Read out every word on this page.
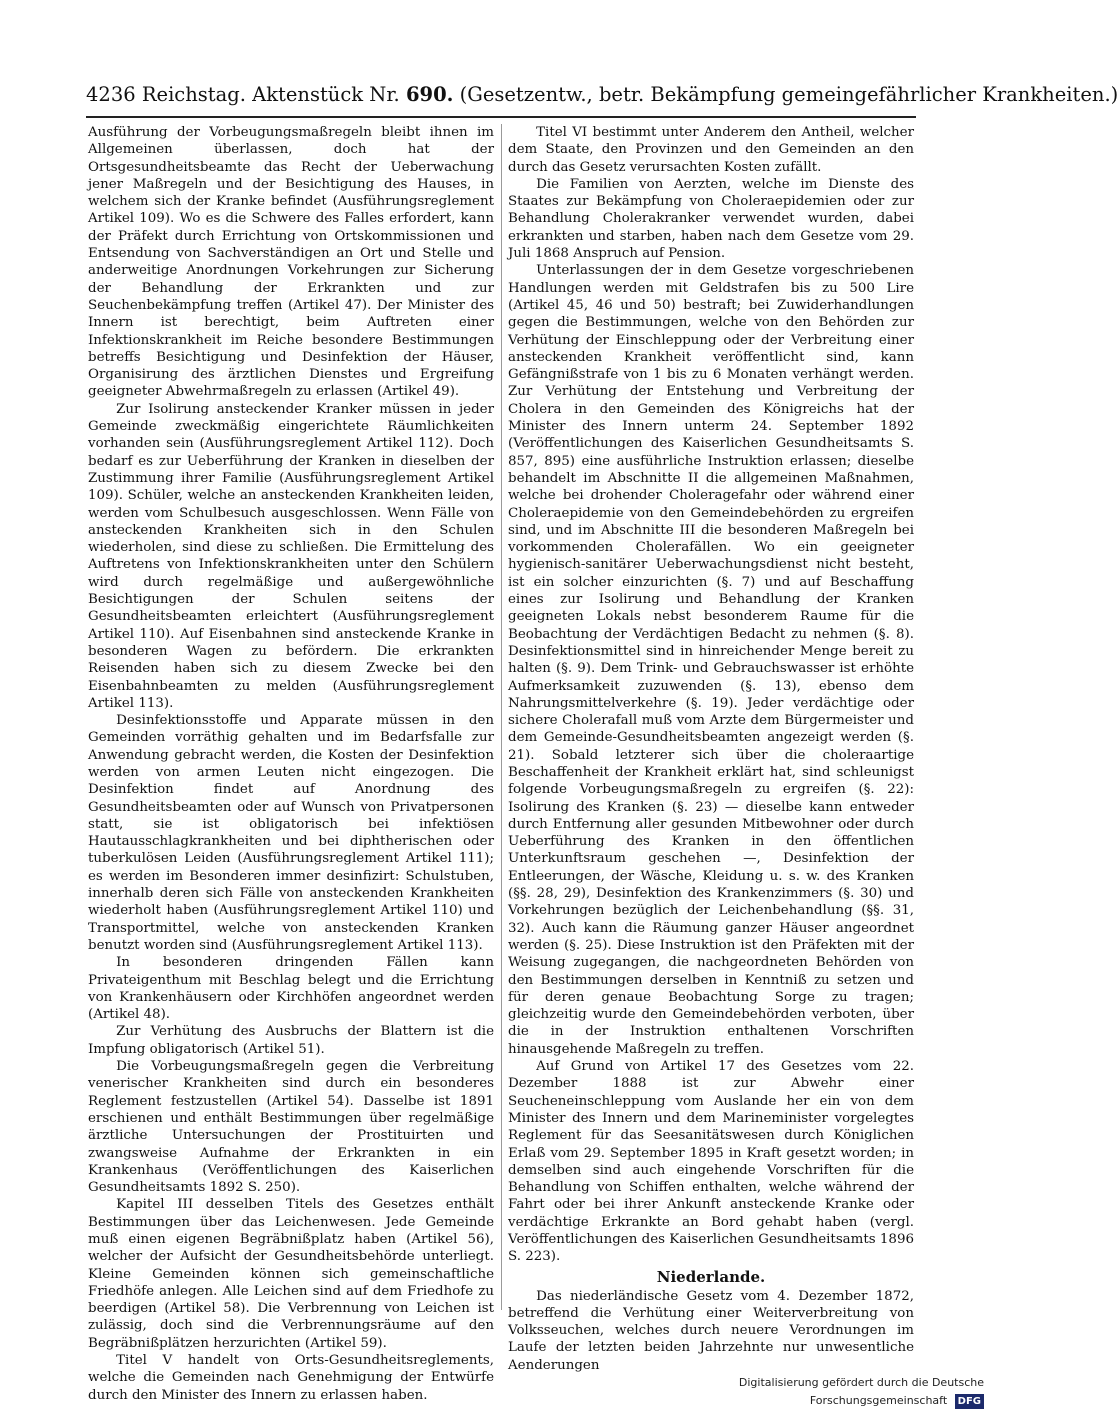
4236 Reichstag. Aktenstück Nr. 690. (Gesetzentw., betr. Bekämpfung gemeingefährlicher Krankheiten.)

Ausführung der Vorbeugungsmaßregeln bleibt ihnen im Allgemeinen überlassen, doch hat der Ortsgesundheitsbeamte das Recht der Ueberwachung jener Maßregeln und der Besichtigung des Hauses, in welchem sich der Kranke befindet (Ausführungsreglement Artikel 109). Wo es die Schwere des Falles erfordert, kann der Präfekt durch Errichtung von Ortskommissionen und Entsendung von Sachverständigen an Ort und Stelle und anderweitige Anordnungen Vorkehrungen zur Sicherung der Behandlung der Erkrankten und zur Seuchenbekämpfung treffen (Artikel 47). Der Minister des Innern ist berechtigt, beim Auftreten einer Infektionskrankheit im Reiche besondere Bestimmungen betreffs Besichtigung und Desinfektion der Häuser, Organisirung des ärztlichen Dienstes und Ergreifung geeigneter Abwehrmaßregeln zu erlassen (Artikel 49).

Zur Isolirung ansteckender Kranker müssen in jeder Gemeinde zweckmäßig eingerichtete Räumlichkeiten vorhanden sein (Ausführungsreglement Artikel 112). Doch bedarf es zur Ueberführung der Kranken in dieselben der Zustimmung ihrer Familie (Ausführungsreglement Artikel 109). Schüler, welche an ansteckenden Krankheiten leiden, werden vom Schulbesuch ausgeschlossen. Wenn Fälle von ansteckenden Krankheiten sich in den Schulen wiederholen, sind diese zu schließen. Die Ermittelung des Auftretens von Infektionskrankheiten unter den Schülern wird durch regelmäßige und außergewöhnliche Besichtigungen der Schulen seitens der Gesundheitsbeamten erleichtert (Ausführungsreglement Artikel 110). Auf Eisenbahnen sind ansteckende Kranke in besonderen Wagen zu befördern. Die erkrankten Reisenden haben sich zu diesem Zwecke bei den Eisenbahnbeamten zu melden (Ausführungsreglement Artikel 113).

Desinfektionsstoffe und Apparate müssen in den Gemeinden vorräthig gehalten und im Bedarfsfalle zur Anwendung gebracht werden, die Kosten der Desinfektion werden von armen Leuten nicht eingezogen. Die Desinfektion findet auf Anordnung des Gesundheitsbeamten oder auf Wunsch von Privatpersonen statt, sie ist obligatorisch bei infektiösen Hautausschlagkrankheiten und bei diphtherischen oder tuberkulösen Leiden (Ausführungsreglement Artikel 111); es werden im Besonderen immer desinfizirt: Schulstuben, innerhalb deren sich Fälle von ansteckenden Krankheiten wiederholt haben (Ausführungsreglement Artikel 110) und Transportmittel, welche von ansteckenden Kranken benutzt worden sind (Ausführungsreglement Artikel 113).

In besonderen dringenden Fällen kann Privateigenthum mit Beschlag belegt und die Errichtung von Krankenhäusern oder Kirchhöfen angeordnet werden (Artikel 48).

Zur Verhütung des Ausbruchs der Blattern ist die Impfung obligatorisch (Artikel 51).

Die Vorbeugungsmaßregeln gegen die Verbreitung venerischer Krankheiten sind durch ein besonderes Reglement festzustellen (Artikel 54). Dasselbe ist 1891 erschienen und enthält Bestimmungen über regelmäßige ärztliche Untersuchungen der Prostituirten und zwangsweise Aufnahme der Erkrankten in ein Krankenhaus (Veröffentlichungen des Kaiserlichen Gesundheitsamts 1892 S. 250).

Kapitel III desselben Titels des Gesetzes enthält Bestimmungen über das Leichenwesen. Jede Gemeinde muß einen eigenen Begräbnißplatz haben (Artikel 56), welcher der Aufsicht der Gesundheitsbehörde unterliegt. Kleine Gemeinden können sich gemeinschaftliche Friedhöfe anlegen. Alle Leichen sind auf dem Friedhofe zu beerdigen (Artikel 58). Die Verbrennung von Leichen ist zulässig, doch sind die Verbrennungsräume auf den Begräbnißplätzen herzurichten (Artikel 59).

Titel V handelt von Orts-Gesundheitsreglements, welche die Gemeinden nach Genehmigung der Entwürfe durch den Minister des Innern zu erlassen haben.

Titel VI bestimmt unter Anderem den Antheil, welcher dem Staate, den Provinzen und den Gemeinden an den durch das Gesetz verursachten Kosten zufällt.

Die Familien von Aerzten, welche im Dienste des Staates zur Bekämpfung von Choleraepidemien oder zur Behandlung Cholerakranker verwendet wurden, dabei erkrankten und starben, haben nach dem Gesetze vom 29. Juli 1868 Anspruch auf Pension.

Unterlassungen der in dem Gesetze vorgeschriebenen Handlungen werden mit Geldstrafen bis zu 500 Lire (Artikel 45, 46 und 50) bestraft; bei Zuwiderhandlungen gegen die Bestimmungen, welche von den Behörden zur Verhütung der Einschleppung oder der Verbreitung einer ansteckenden Krankheit veröffentlicht sind, kann Gefängnißstrafe von 1 bis zu 6 Monaten verhängt werden. Zur Verhütung der Entstehung und Verbreitung der Cholera in den Gemeinden des Königreichs hat der Minister des Innern unterm 24. September 1892 (Veröffentlichungen des Kaiserlichen Gesundheitsamts S. 857, 895) eine ausführliche Instruktion erlassen; dieselbe behandelt im Abschnitte II die allgemeinen Maßnahmen, welche bei drohender Choleragefahr oder während einer Choleraepidemie von den Gemeindebehörden zu ergreifen sind, und im Abschnitte III die besonderen Maßregeln bei vorkommenden Cholerafällen. Wo ein geeigneter hygienisch-sanitärer Ueberwachungsdienst nicht besteht, ist ein solcher einzurichten (§. 7) und auf Beschaffung eines zur Isolirung und Behandlung der Kranken geeigneten Lokals nebst besonderem Raume für die Beobachtung der Verdächtigen Bedacht zu nehmen (§. 8). Desinfektionsmittel sind in hinreichender Menge bereit zu halten (§. 9). Dem Trink- und Gebrauchswasser ist erhöhte Aufmerksamkeit zuzuwenden (§. 13), ebenso dem Nahrungsmittelverkehre (§. 19). Jeder verdächtige oder sichere Cholerafall muß vom Arzte dem Bürgermeister und dem Gemeinde-Gesundheitsbeamten angezeigt werden (§. 21). Sobald letzterer sich über die choleraartige Beschaffenheit der Krankheit erklärt hat, sind schleunigst folgende Vorbeugungsmaßregeln zu ergreifen (§. 22): Isolirung des Kranken (§. 23) — dieselbe kann entweder durch Entfernung aller gesunden Mitbewohner oder durch Ueberführung des Kranken in den öffentlichen Unterkunftsraum geschehen —, Desinfektion der Entleerungen, der Wäsche, Kleidung u. s. w. des Kranken (§§. 28, 29), Desinfektion des Krankenzimmers (§. 30) und Vorkehrungen bezüglich der Leichenbehandlung (§§. 31, 32). Auch kann die Räumung ganzer Häuser angeordnet werden (§. 25). Diese Instruktion ist den Präfekten mit der Weisung zugegangen, die nachgeordneten Behörden von den Bestimmungen derselben in Kenntniß zu setzen und für deren genaue Beobachtung Sorge zu tragen; gleichzeitig wurde den Gemeindebehörden verboten, über die in der Instruktion enthaltenen Vorschriften hinausgehende Maßregeln zu treffen.

Auf Grund von Artikel 17 des Gesetzes vom 22. Dezember 1888 ist zur Abwehr einer Seucheneinschleppung vom Auslande her ein von dem Minister des Innern und dem Marineminister vorgelegtes Reglement für das Seesanitätswesen durch Königlichen Erlaß vom 29. September 1895 in Kraft gesetzt worden; in demselben sind auch eingehende Vorschriften für die Behandlung von Schiffen enthalten, welche während der Fahrt oder bei ihrer Ankunft ansteckende Kranke oder verdächtige Erkrankte an Bord gehabt haben (vergl. Veröffentlichungen des Kaiserlichen Gesundheitsamts 1896 S. 223).

Niederlande.

Das niederländische Gesetz vom 4. Dezember 1872, betreffend die Verhütung einer Weiterverbreitung von Volksseuchen, welches durch neuere Verordnungen im Laufe der letzten beiden Jahrzehnte nur unwesentliche Aenderungen

Digitalisierung gefördert durch die Deutsche Forschungsgemeinschaft DFG
